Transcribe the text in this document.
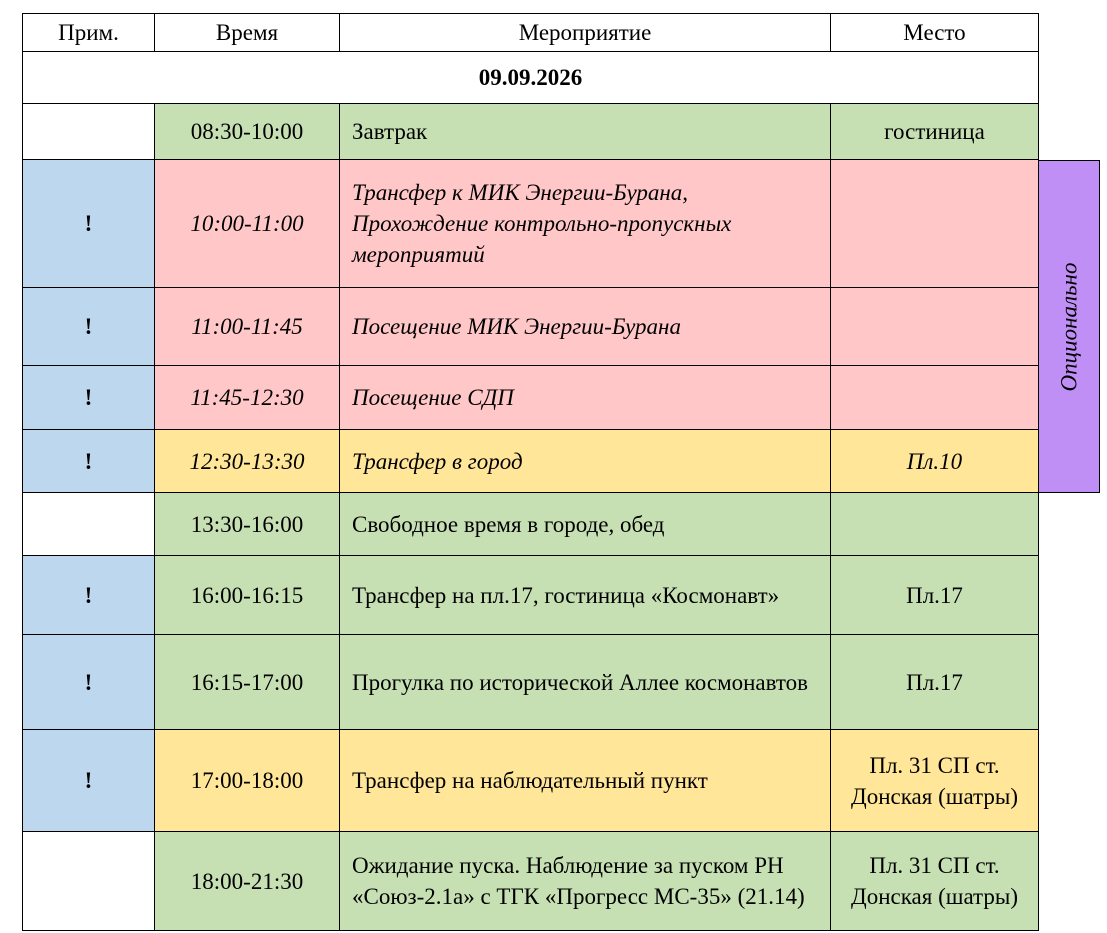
Прим.	Время	Мероприятие	Место
09.09.2026			
	08:30-10:00	Завтрак	гостиница
!	10:00-11:00	Трансфер к МИК Энергии-Бурана, Прохождение контрольно-пропускных мероприятий	
!	11:00-11:45	Посещение МИК Энергии-Бурана	
!	11:45-12:30	Посещение СДП	
!	12:30-13:30	Трансфер в город	Пл.10
	13:30-16:00	Свободное время в городе, обед	
!	16:00-16:15	Трансфер на пл.17, гостиница «Космонавт»	Пл.17
!	16:15-17:00	Прогулка по исторической Аллее космонавтов	Пл.17
!	17:00-18:00	Трансфер на наблюдательный пункт	Пл. 31 СП ст. Донская (шатры)
	18:00-21:30	Ожидание пуска. Наблюдение за пуском РН «Союз-2.1а» с ТГК «Прогресс МС-35» (21.14)	Пл. 31 СП ст. Донская (шатры)
Опционально
